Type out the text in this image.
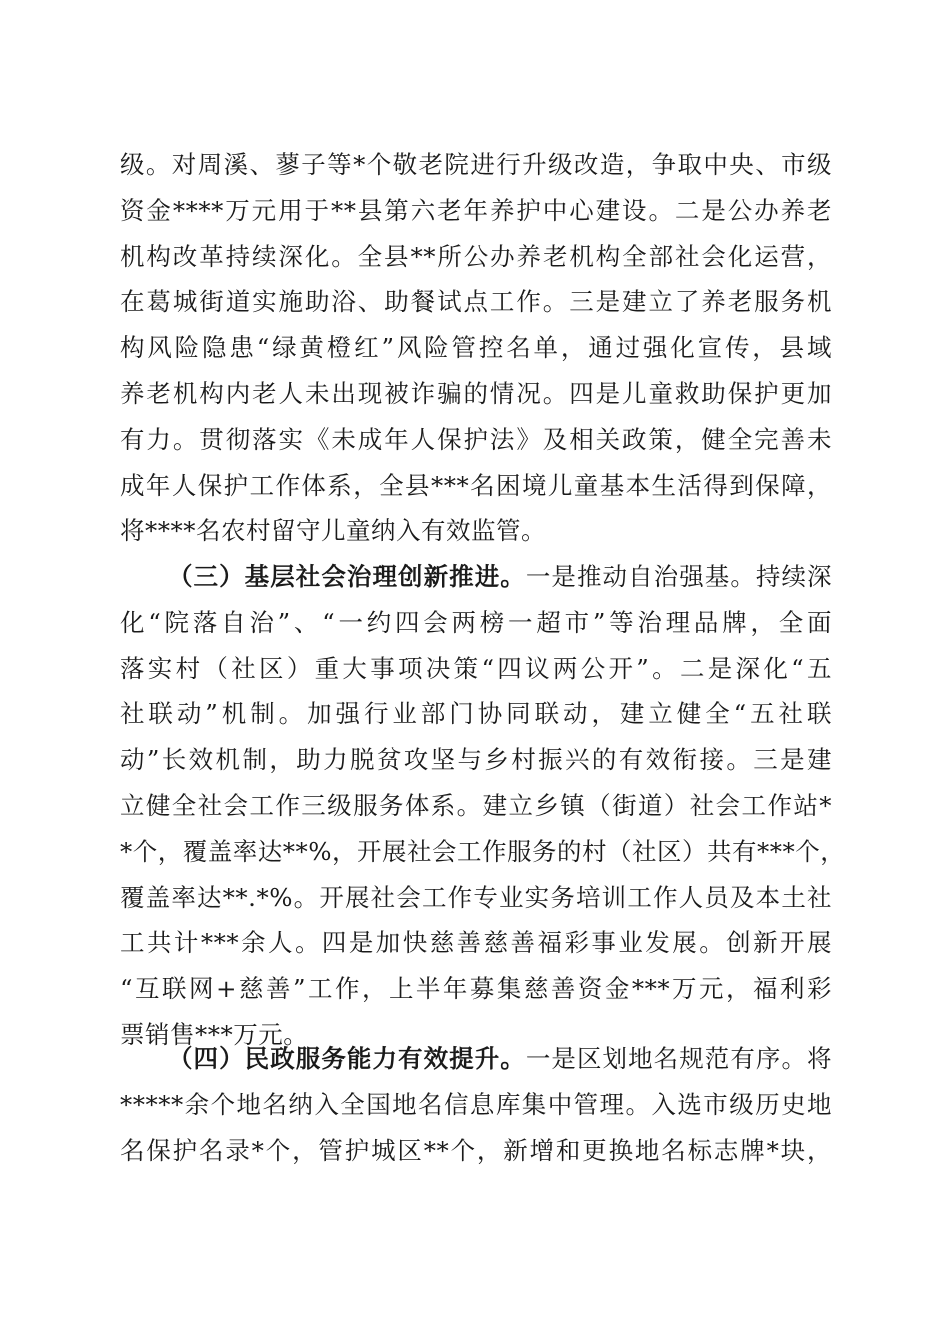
级。对周溪、蓼子等*个敬老院进行升级改造，争取中央、市级
资金****万元用于**县第六老年养护中心建设。二是公办养老
机构改革持续深化。全县**所公办养老机构全部社会化运营，
在葛城街道实施助浴、助餐试点工作。三是建立了养老服务机
构风险隐患“绿黄橙红”风险管控名单，通过强化宣传，县域
养老机构内老人未出现被诈骗的情况。四是儿童救助保护更加
有力。贯彻落实《未成年人保护法》及相关政策，健全完善未
成年人保护工作体系，全县***名困境儿童基本生活得到保障，
将****名农村留守儿童纳入有效监管。
（三）基层社会治理创新推进。一是推动自治强基。持续深
化“院落自治”、“一约四会两榜一超市”等治理品牌，全面
落实村（社区）重大事项决策“四议两公开”。二是深化“五
社联动”机制。加强行业部门协同联动，建立健全“五社联
动”长效机制，助力脱贫攻坚与乡村振兴的有效衔接。三是建
立健全社会工作三级服务体系。建立乡镇（街道）社会工作站*
*个，覆盖率达**%，开展社会工作服务的村（社区）共有***个，
覆盖率达**.*%。开展社会工作专业实务培训工作人员及本土社
工共计***余人。四是加快慈善慈善福彩事业发展。创新开展
“互联网+慈善”工作，上半年募集慈善资金***万元，福利彩
票销售***万元。
（四）民政服务能力有效提升。一是区划地名规范有序。将
*****余个地名纳入全国地名信息库集中管理。入选市级历史地
名保护名录*个，管护城区**个，新增和更换地名标志牌*块，
